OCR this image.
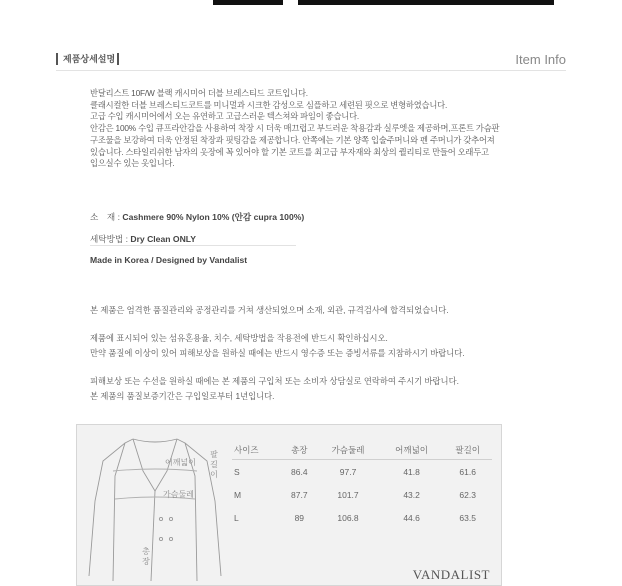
제품상세설명	Item Info
반달리스트 10F/W 블랙 캐시미어 더블 브레스티드 코트입니다.
클래시컬한 더블 브레스티드코트를 미니멀과 시크한 감성으로 심플하고 세련된 핏으로 변형하였습니다.
고급 수입 캐시미어에서 오는 유연하고 고급스러운 텍스쳐와 파임이 좋습니다.
안감은 100% 수입 큐프라안감을 사용하여 착장 시 더욱 매끄럽고 부드러운 착용감과 실루엣을 제공하며,프론트 가슴판
구조물을 보강하여 더욱 안정된 착장과 핏팅감을 제공합니다. 안쪽에는 기본 양쪽 입술주머니와 펜 주머니가 갖추어져
있습니다. 스타일리쉬한 남자의 옷장에 꼭 있어야 할 기본 코트를 최고급 부자재와 최상의 퀄리티로 만들어 오래두고
입으실수 있는 옷입니다.
소　재 : Cashmere 90% Nylon 10% (안감 cupra 100%)
세탁방법 : Dry Clean ONLY
Made in Korea / Designed by Vandalist
본 제품은 엄격한 품질관리와 공정관리를 거쳐 생산되었으며 소재, 외관, 규격검사에 합격되었습니다.
제품에 표시되어 있는 섬유혼용율, 치수, 세탁방법을 작용전에 반드시 확인하십시오.
만약 품질에 이상이 있어 피해보상을 원하실 때에는 반드시 영수증 또는 증빙서류를 지참하시기 바랍니다.
피해보상 또는 수선을 원하실 때에는 본 제품의 구입처 또는 소비자 상담실로 연락하여 주시기 바랍니다.
본 제품의 품질보증기간은 구입일로부터 1년입니다.
어깨넓이
가슴둘레
팔길이
총장
사이즈	총장	가슴둘레	어깨넓이	팔길이
S	86.4	97.7	41.8	61.6
M	87.7	101.7	43.2	62.3
L	89	106.8	44.6	63.5
VANDALIST
